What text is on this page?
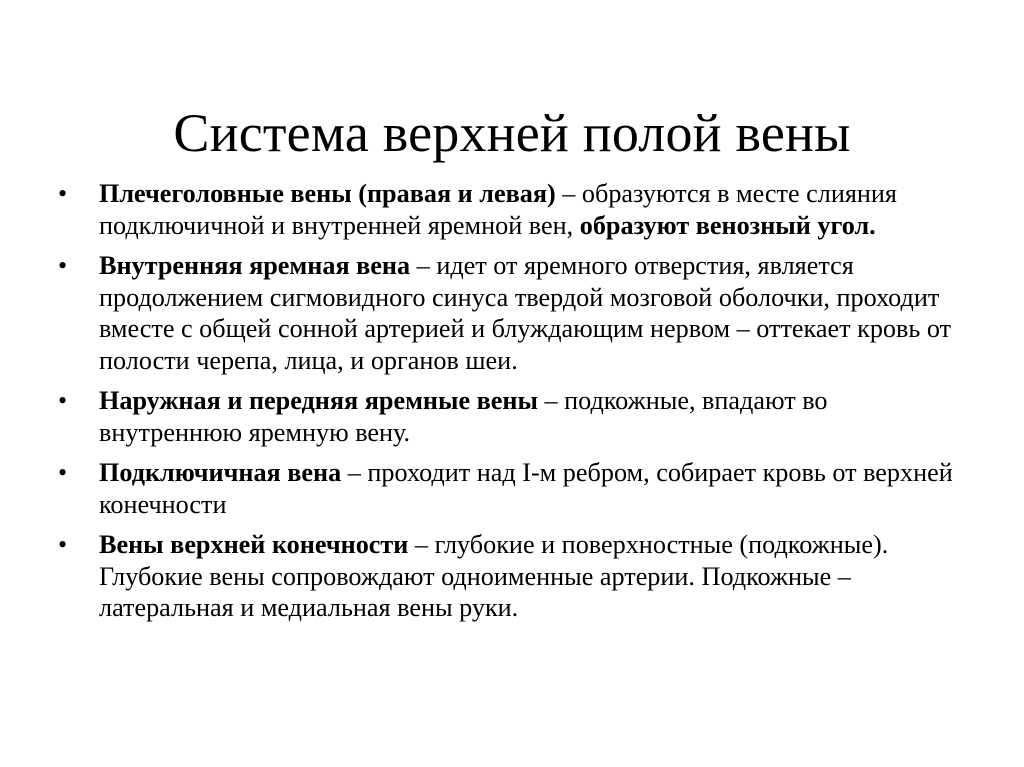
Система верхней полой вены
•	Плечеголовные вены (правая и левая) – образуются в месте слияния подключичной и внутренней яремной вен, образуют венозный угол.
•	Внутренняя яремная вена – идет от яремного отверстия, является продолжением сигмовидного синуса твердой мозговой оболочки, проходит вместе с общей сонной артерией и блуждающим нервом – оттекает кровь от полости черепа, лица, и органов шеи.
•	Наружная и передняя яремные вены – подкожные, впадают во внутреннюю яремную вену.
•	Подключичная вена – проходит над I-м ребром, собирает кровь от верхней конечности
•	Вены верхней конечности – глубокие и поверхностные (подкожные). Глубокие вены сопровождают одноименные артерии. Подкожные – латеральная и медиальная вены руки.
